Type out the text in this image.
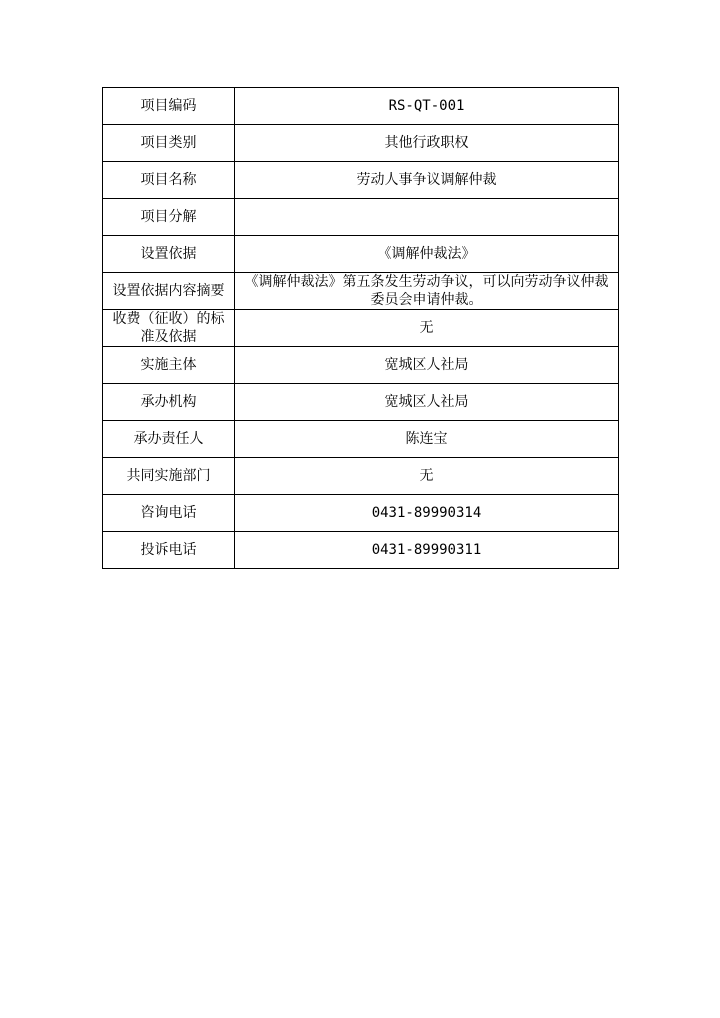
项目编码	RS-QT-001
项目类别	其他行政职权
项目名称	劳动人事争议调解仲裁
项目分解	
设置依据	《调解仲裁法》
设置依据内容摘要	《调解仲裁法》第五条发生劳动争议，可以向劳动争议仲裁委员会申请仲裁。
收费（征收）的标准及依据	无
实施主体	宽城区人社局
承办机构	宽城区人社局
承办责任人	陈连宝
共同实施部门	无
咨询电话	0431-89990314
投诉电话	0431-89990311
